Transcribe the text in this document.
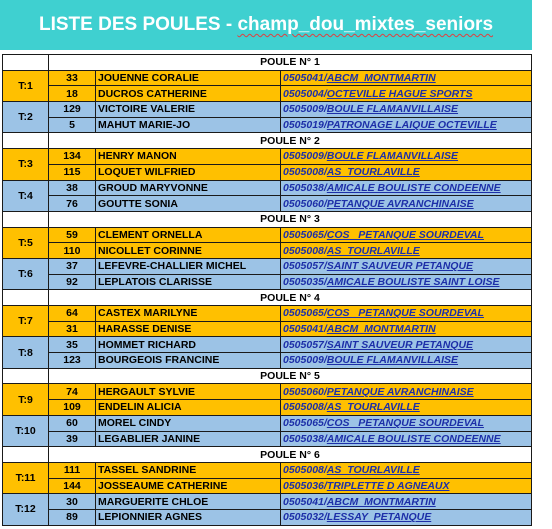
LISTE DES POULES - champ_dou_mixtes_seniors
	POULE N° 1		
T:1	33	JOUENNE CORALIE	0505041/ABCM  MONTMARTIN
	18	DUCROS CATHERINE	0505004/OCTEVILLE HAGUE SPORTS
T:2	129	VICTOIRE VALERIE	0505009/BOULE FLAMANVILLAISE
	5	MAHUT MARIE-JO	0505019/PATRONAGE LAIQUE OCTEVILLE
	POULE N° 2		
T:3	134	HENRY MANON	0505009/BOULE FLAMANVILLAISE
	115	LOQUET WILFRIED	0505008/AS  TOURLAVILLE
T:4	38	GROUD MARYVONNE	0505038/AMICALE BOULISTE CONDEENNE
	76	GOUTTE SONIA	0505060/PETANQUE AVRANCHINAISE
	POULE N° 3		
T:5	59	CLEMENT ORNELLA	0505065/COS   PETANQUE SOURDEVAL
	110	NICOLLET CORINNE	0505008/AS  TOURLAVILLE
T:6	37	LEFEVRE-CHALLIER MICHEL	0505057/SAINT SAUVEUR PETANQUE
	92	LEPLATOIS CLARISSE	0505035/AMICALE BOULISTE SAINT LOISE
	POULE N° 4		
T:7	64	CASTEX MARILYNE	0505065/COS   PETANQUE SOURDEVAL
	31	HARASSE DENISE	0505041/ABCM  MONTMARTIN
T:8	35	HOMMET RICHARD	0505057/SAINT SAUVEUR PETANQUE
	123	BOURGEOIS FRANCINE	0505009/BOULE FLAMANVILLAISE
	POULE N° 5		
T:9	74	HERGAULT SYLVIE	0505060/PETANQUE AVRANCHINAISE
	109	ENDELIN ALICIA	0505008/AS  TOURLAVILLE
T:10	60	MOREL CINDY	0505065/COS   PETANQUE SOURDEVAL
	39	LEGABLIER JANINE	0505038/AMICALE BOULISTE CONDEENNE
	POULE N° 6		
T:11	111	TASSEL SANDRINE	0505008/AS  TOURLAVILLE
	144	JOSSEAUME CATHERINE	0505036/TRIPLETTE D AGNEAUX
T:12	30	MARGUERITE CHLOE	0505041/ABCM  MONTMARTIN
	89	LEPIONNIER AGNES	0505032/LESSAY  PETANQUE
